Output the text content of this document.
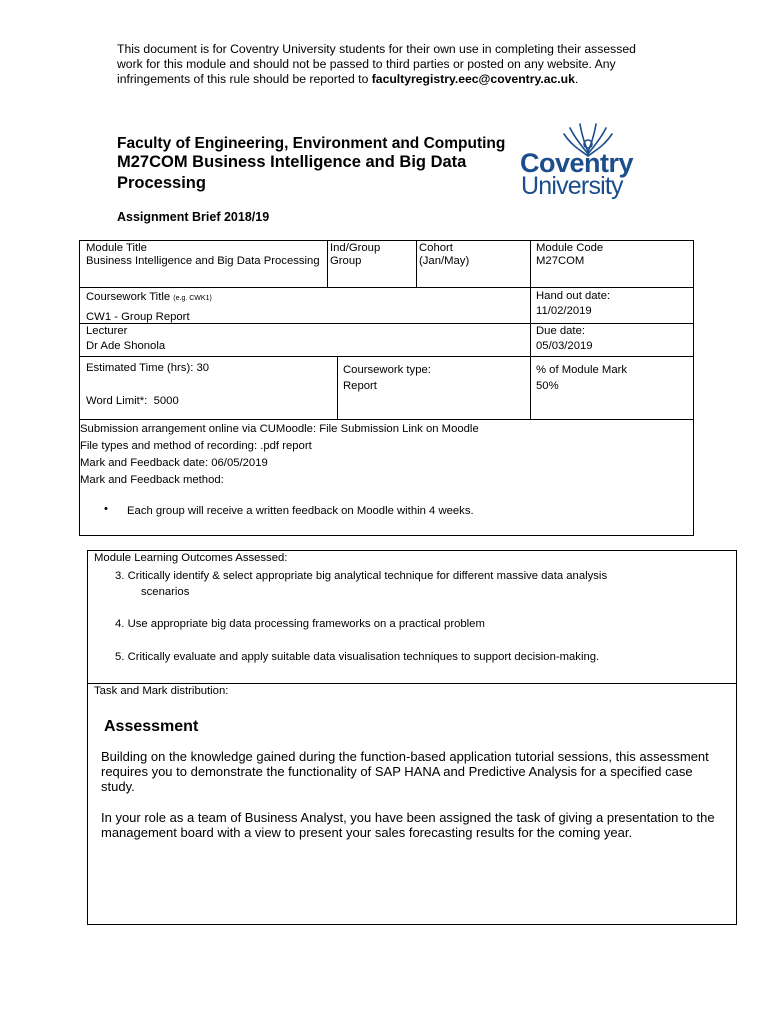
This document is for Coventry University students for their own use in completing their assessed work for this module and should not be passed to third parties or posted on any website. Any infringements of this rule should be reported to facultyregistry.eec@coventry.ac.uk.
Faculty of Engineering, Environment and Computing
M27COM Business Intelligence and Big Data Processing
Assignment Brief 2018/19
Coventry
University
Module Title
Business Intelligence and Big Data Processing
Ind/Group
Group
Cohort
(Jan/May)
Module Code
M27COM
Coursework Title (e.g. CWK1)
CW1 - Group Report
Hand out date:
11/02/2019
Lecturer
Dr Ade Shonola
Due date:
05/03/2019
Estimated Time (hrs): 30
Word Limit*: 5000
Coursework type:
Report
% of Module Mark
50%
Submission arrangement online via CUMoodle: File Submission Link on Moodle
File types and method of recording: .pdf report
Mark and Feedback date: 06/05/2019
Mark and Feedback method:
• Each group will receive a written feedback on Moodle within 4 weeks.
Module Learning Outcomes Assessed:
3. Critically identify & select appropriate big analytical technique for different massive data analysis
scenarios
4. Use appropriate big data processing frameworks on a practical problem
5. Critically evaluate and apply suitable data visualisation techniques to support decision-making.
Task and Mark distribution:
Assessment
Building on the knowledge gained during the function-based application tutorial sessions, this assessment requires you to demonstrate the functionality of SAP HANA and Predictive Analysis for a specified case study.
In your role as a team of Business Analyst, you have been assigned the task of giving a presentation to the management board with a view to present your sales forecasting results for the coming year.
